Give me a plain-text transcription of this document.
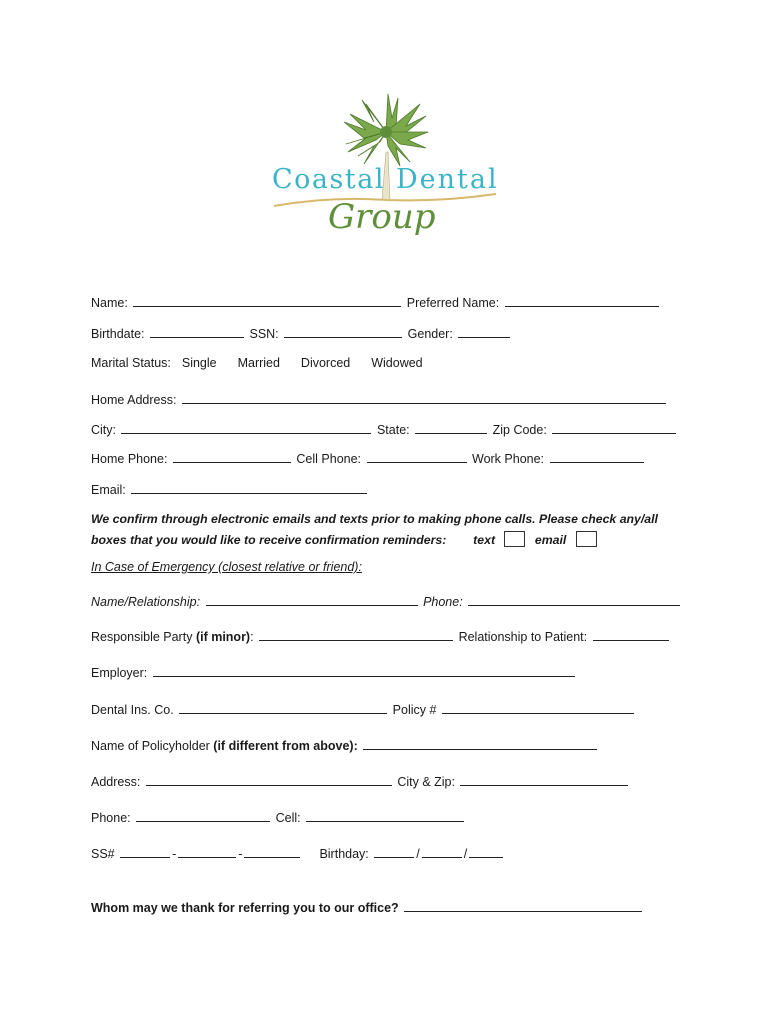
Coastal Dental
Group
Name:	Preferred Name:
Birthdate:	SSN:	Gender:
Marital Status: Single Married Divorced Widowed
Home Address:
City:	State:	Zip Code:
Home Phone:	Cell Phone:	Work Phone:
Email:
We confirm through electronic emails and texts prior to making phone calls. Please check any/all
boxes that you would like to receive confirmation reminders: text	email
In Case of Emergency (closest relative or friend):
Name/Relationship:	Phone:
Responsible Party (if minor):	Relationship to Patient:
Employer:
Dental Ins. Co.	Policy #
Name of Policyholder (if different from above):
Address:	City & Zip:
Phone:	Cell:
SS#	-	-	Birthday:	/	/
Whom may we thank for referring you to our office?
